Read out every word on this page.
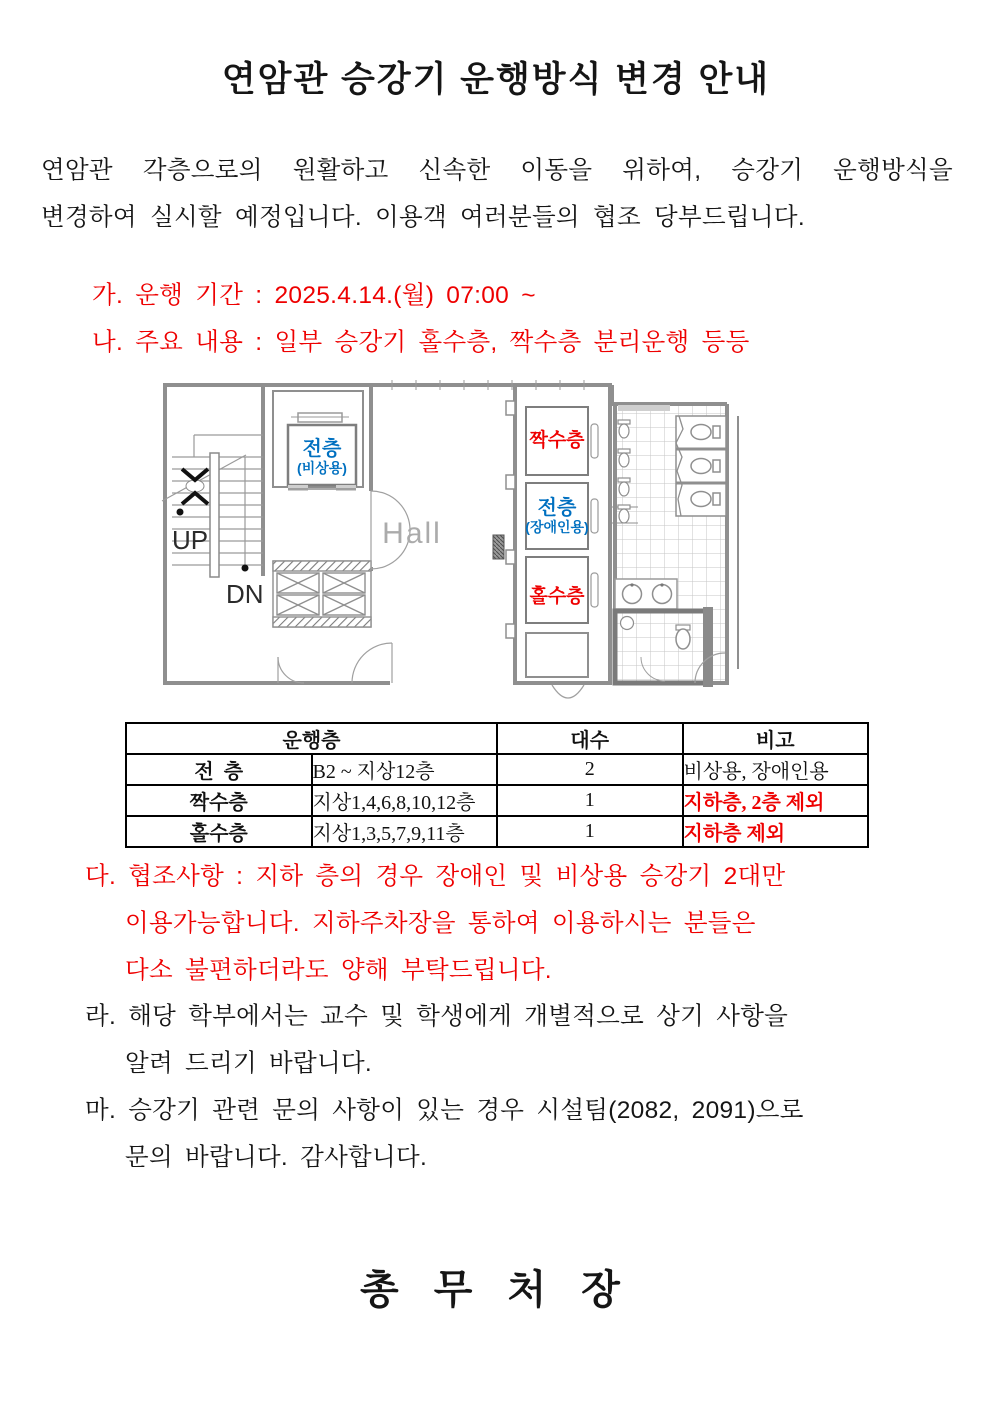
연암관 승강기 운행방식 변경 안내
연암관 각층으로의 원활하고 신속한 이동을 위하여, 승강기 운행방식을
변경하여 실시할 예정입니다. 이용객 여러분들의 협조 당부드립니다.
가. 운행 기간 : 2025.4.14.(월) 07:00 ~
나. 주요 내용 : 일부 승강기 홀수층, 짝수층 분리운행 등등
UP
DN
전층
(비상용)
Hall
짝수층
전층
(장애인용)
홀수층
운행층		대수	비고
전  층	B2 ~ 지상12층	2	비상용, 장애인용
짝수층	지상1,4,6,8,10,12층	1	지하층, 2층 제외
홀수층	지상1,3,5,7,9,11층	1	지하층 제외
다. 협조사항 : 지하 층의 경우 장애인 및 비상용 승강기 2대만
이용가능합니다. 지하주차장을 통하여 이용하시는 분들은
다소 불편하더라도 양해 부탁드립니다.
라. 해당 학부에서는 교수 및 학생에게 개별적으로 상기 사항을
알려 드리기 바랍니다.
마. 승강기 관련 문의 사항이 있는 경우 시설팀(2082, 2091)으로
문의 바랍니다. 감사합니다.
총 무 처 장
